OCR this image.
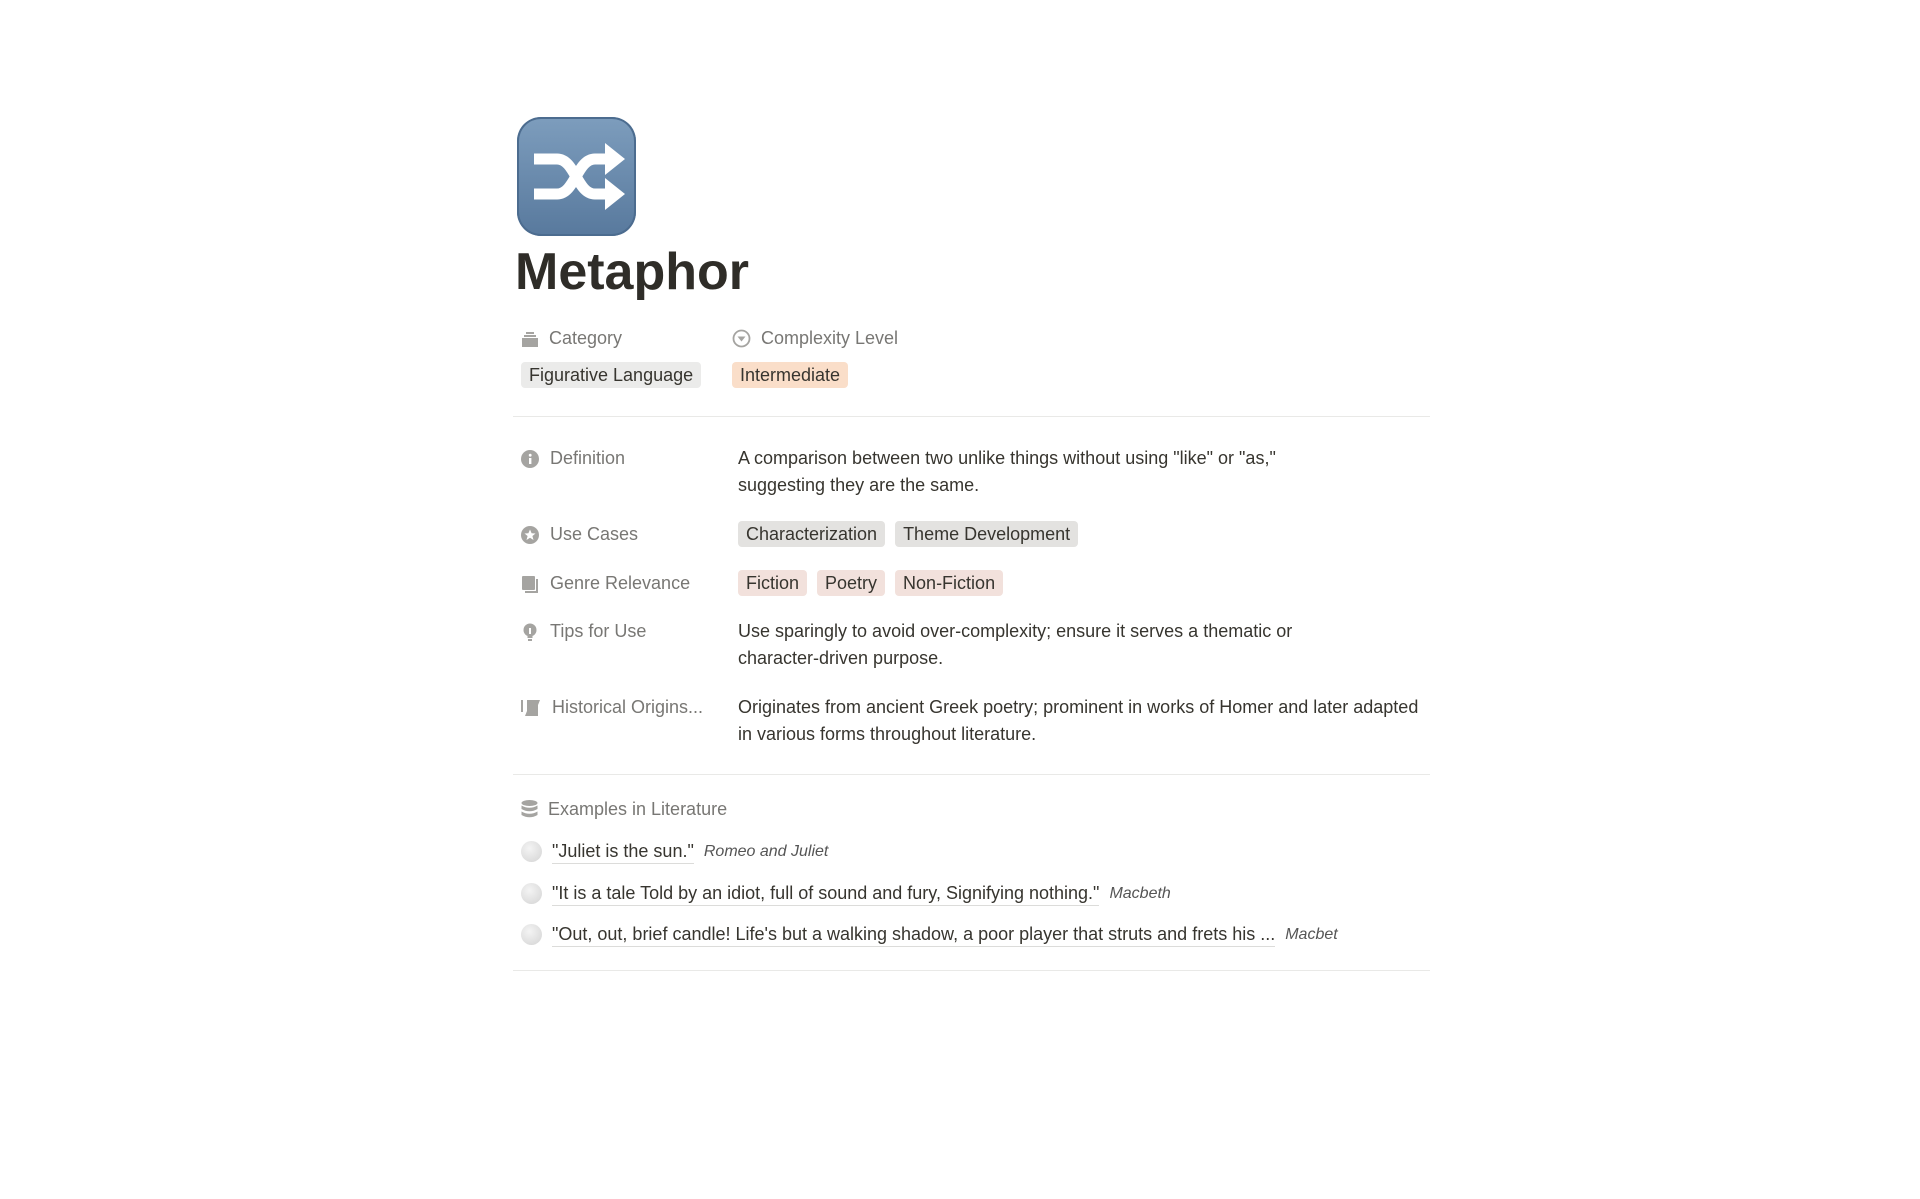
Metaphor
Category	Complexity Level
Figurative Language	Intermediate
Definition	A comparison between two unlike things without using "like" or "as," suggesting they are the same.
Use Cases	Characterization	Theme Development
Genre Relevance	Fiction	Poetry	Non-Fiction
Tips for Use	Use sparingly to avoid over-complexity; ensure it serves a thematic or character-driven purpose.
Historical Origins... Originates from ancient Greek poetry; prominent in works of Homer and later adapted in various forms throughout literature.
Examples in Literature
"Juliet is the sun." Romeo and Juliet
"It is a tale Told by an idiot, full of sound and fury, Signifying nothing." Macbeth
"Out, out, brief candle! Life's but a walking shadow, a poor player that struts and frets his ... Macbet
